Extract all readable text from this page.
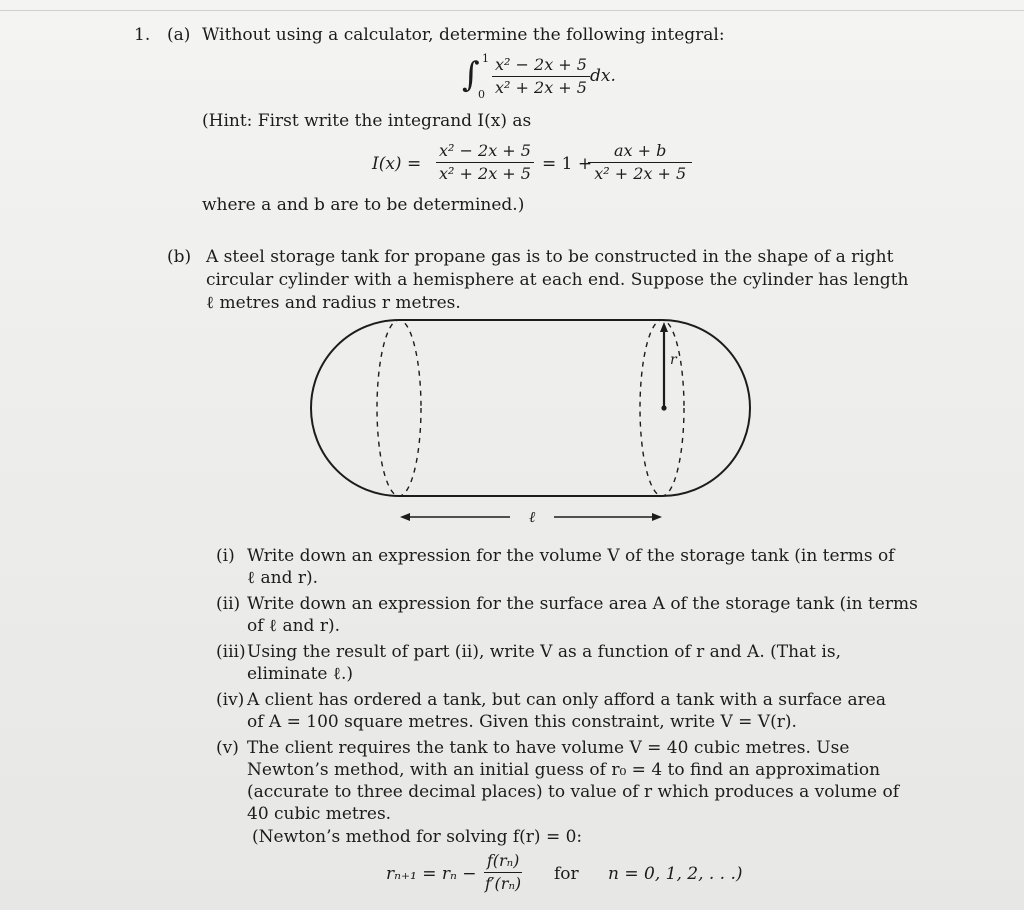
1. (a) Without using a calculator, determine the following integral:
∫ 1
$0 \frac{\text{x² − 2x + 5}}{\text{x² + 2x + 5}}$ dx.
(Hint: First write the integrand I(x) as
$I(x) = \frac{\text{x² − 2x + 5}}{\text{x² + 2x + 5}} = 1$ +
$\frac{ax + b}{\text{x² + 2x + 5}}$
where a and b are to be determined.)
(b) A steel storage tank for propane gas is to be constructed in the shape of a right
circular cylinder with a hemisphere at each end. Suppose the cylinder has length
ℓ metres and radius r metres.
r
ℓ
(i) Write down an expression for the volume V of the storage tank (in terms of
ℓ and r).
(ii) Write down an expression for the surface area A of the storage tank (in terms
of ℓ and r).
(iii) Using the result of part (ii), write V as a function of r and A. (That is,
eliminate ℓ.)
(iv) A client has ordered a tank, but can only afford a tank with a surface area
of A = 100 square metres. Given this constraint, write V = V(r).
(v) The client requires the tank to have volume V = 40 cubic metres. Use
Newton’s method, with an initial guess of r₀ = 4 to find an approximation
(accurate to three decimal places) to value of r which produces a volume of
40 cubic metres.
(Newton’s method for solving f(r) = 0:
$r_{n+1} = r_n - \frac{\text{f(rₙ)}}{\text{f′(rₙ)}}$ for n = 0, 1, 2, . . .)
